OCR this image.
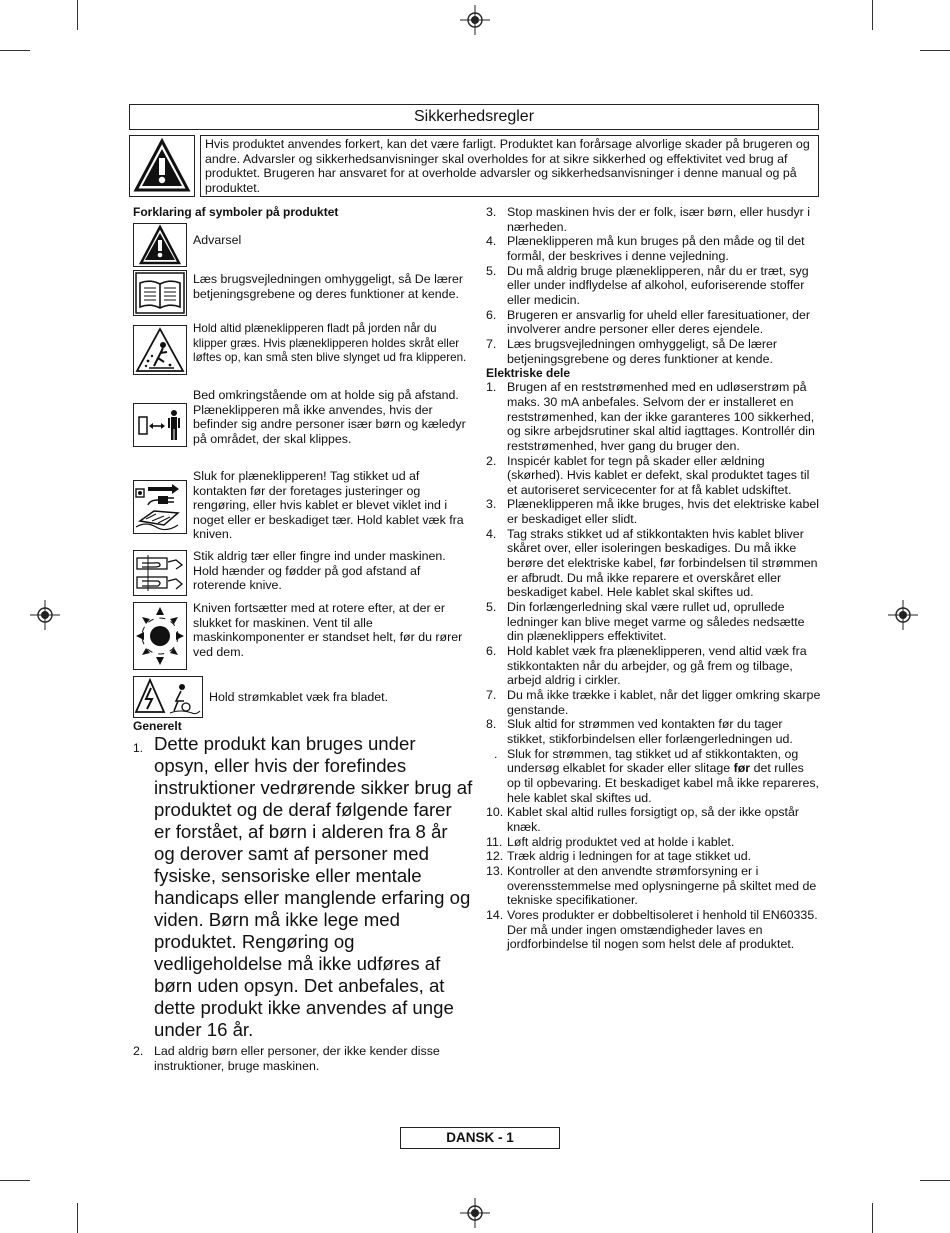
Sikkerhedsregler
Hvis produktet anvendes forkert, kan det være farligt. Produktet kan forårsage alvorlige skader på brugeren og andre. Advarsler og sikkerhedsanvisninger skal overholdes for at sikre sikkerhed og effektivitet ved brug af produktet. Brugeren har ansvaret for at overholde advarsler og sikkerhedsanvisninger i denne manual og på produktet.
Forklaring af symboler på produktet
Advarsel
Læs brugsvejledningen omhyggeligt, så De lærer betjeningsgrebene og deres funktioner at kende.
Hold altid plæneklipperen fladt på jorden når du klipper græs. Hvis plæneklipperen holdes skråt eller løftes op, kan små sten blive slynget ud fra klipperen.
Bed omkringstående om at holde sig på afstand. Plæneklipperen må ikke anvendes, hvis der befinder sig andre personer især børn og kæledyr på området, der skal klippes.
Sluk for plæneklipperen! Tag stikket ud af kontakten før der foretages justeringer og rengøring, eller hvis kablet er blevet viklet ind i noget eller er beskadiget tær. Hold kablet væk fra kniven.
Stik aldrig tær eller fingre ind under maskinen. Hold hænder og fødder på god afstand af roterende knive.
Kniven fortsætter med at rotere efter, at der er slukket for maskinen. Vent til alle maskinkomponenter er standset helt, før du rører ved dem.
Hold strømkablet væk fra bladet.
Generelt
1. Dette produkt kan bruges under opsyn, eller hvis der forefindes instruktioner vedrørende sikker brug af produktet og de deraf følgende farer er forstået, af børn i alderen fra 8 år og derover samt af personer med fysiske, sensoriske eller mentale handicaps eller manglende erfaring og viden. Børn må ikke lege med produktet. Rengøring og vedligeholdelse må ikke udføres af børn uden opsyn. Det anbefales, at dette produkt ikke anvendes af unge under 16 år.
2. Lad aldrig børn eller personer, der ikke kender disse instruktioner, bruge maskinen.
3. Stop maskinen hvis der er folk, især børn, eller husdyr i nærheden.
4. Plæneklipperen må kun bruges på den måde og til det formål, der beskrives i denne vejledning.
5. Du må aldrig bruge plæneklipperen, når du er træt, syg eller under indflydelse af alkohol, euforiserende stoffer eller medicin.
6. Brugeren er ansvarlig for uheld eller faresituationer, der involverer andre personer eller deres ejendele.
7. Læs brugsvejledningen omhyggeligt, så De lærer betjeningsgrebene og deres funktioner at kende.
Elektriske dele
1. Brugen af en reststrømenhed med en udløserstrøm på maks. 30 mA anbefales. Selvom der er installeret en reststrømenhed, kan der ikke garanteres 100 sikkerhed, og sikre arbejdsrutiner skal altid iagttages. Kontrollér din reststrømenhed, hver gang du bruger den.
2. Inspicér kablet for tegn på skader eller ældning (skørhed). Hvis kablet er defekt, skal produktet tages til et autoriseret servicecenter for at få kablet udskiftet.
3. Plæneklipperen må ikke bruges, hvis det elektriske kabel er beskadiget eller slidt.
4. Tag straks stikket ud af stikkontakten hvis kablet bliver skåret over, eller isoleringen beskadiges. Du må ikke berøre det elektriske kabel, før forbindelsen til strømmen er afbrudt. Du må ikke reparere et overskåret eller beskadiget kabel. Hele kablet skal skiftes ud.
5. Din forlængerledning skal være rullet ud, oprullede ledninger kan blive meget varme og således nedsætte din plæneklippers effektivitet.
6. Hold kablet væk fra plæneklipperen, vend altid væk fra stikkontakten når du arbejder, og gå frem og tilbage, arbejd aldrig i cirkler.
7. Du må ikke trække i kablet, når det ligger omkring skarpe genstande.
8. Sluk altid for strømmen ved kontakten før du tager stikket, stikforbindelsen eller forlængerledningen ud.
. Sluk for strømmen, tag stikket ud af stikkontakten, og undersøg elkablet for skader eller slitage før det rulles op til opbevaring. Et beskadiget kabel må ikke repareres, hele kablet skal skiftes ud.
10. Kablet skal altid rulles forsigtigt op, så der ikke opstår knæk.
11. Løft aldrig produktet ved at holde i kablet.
12. Træk aldrig i ledningen for at tage stikket ud.
13. Kontroller at den anvendte strømforsyning er i overensstemmelse med oplysningerne på skiltet med de tekniske specifikationer.
14. Vores produkter er dobbeltisoleret i henhold til EN60335. Der må under ingen omstændigheder laves en jordforbindelse til nogen som helst dele af produktet.
DANSK - 1
